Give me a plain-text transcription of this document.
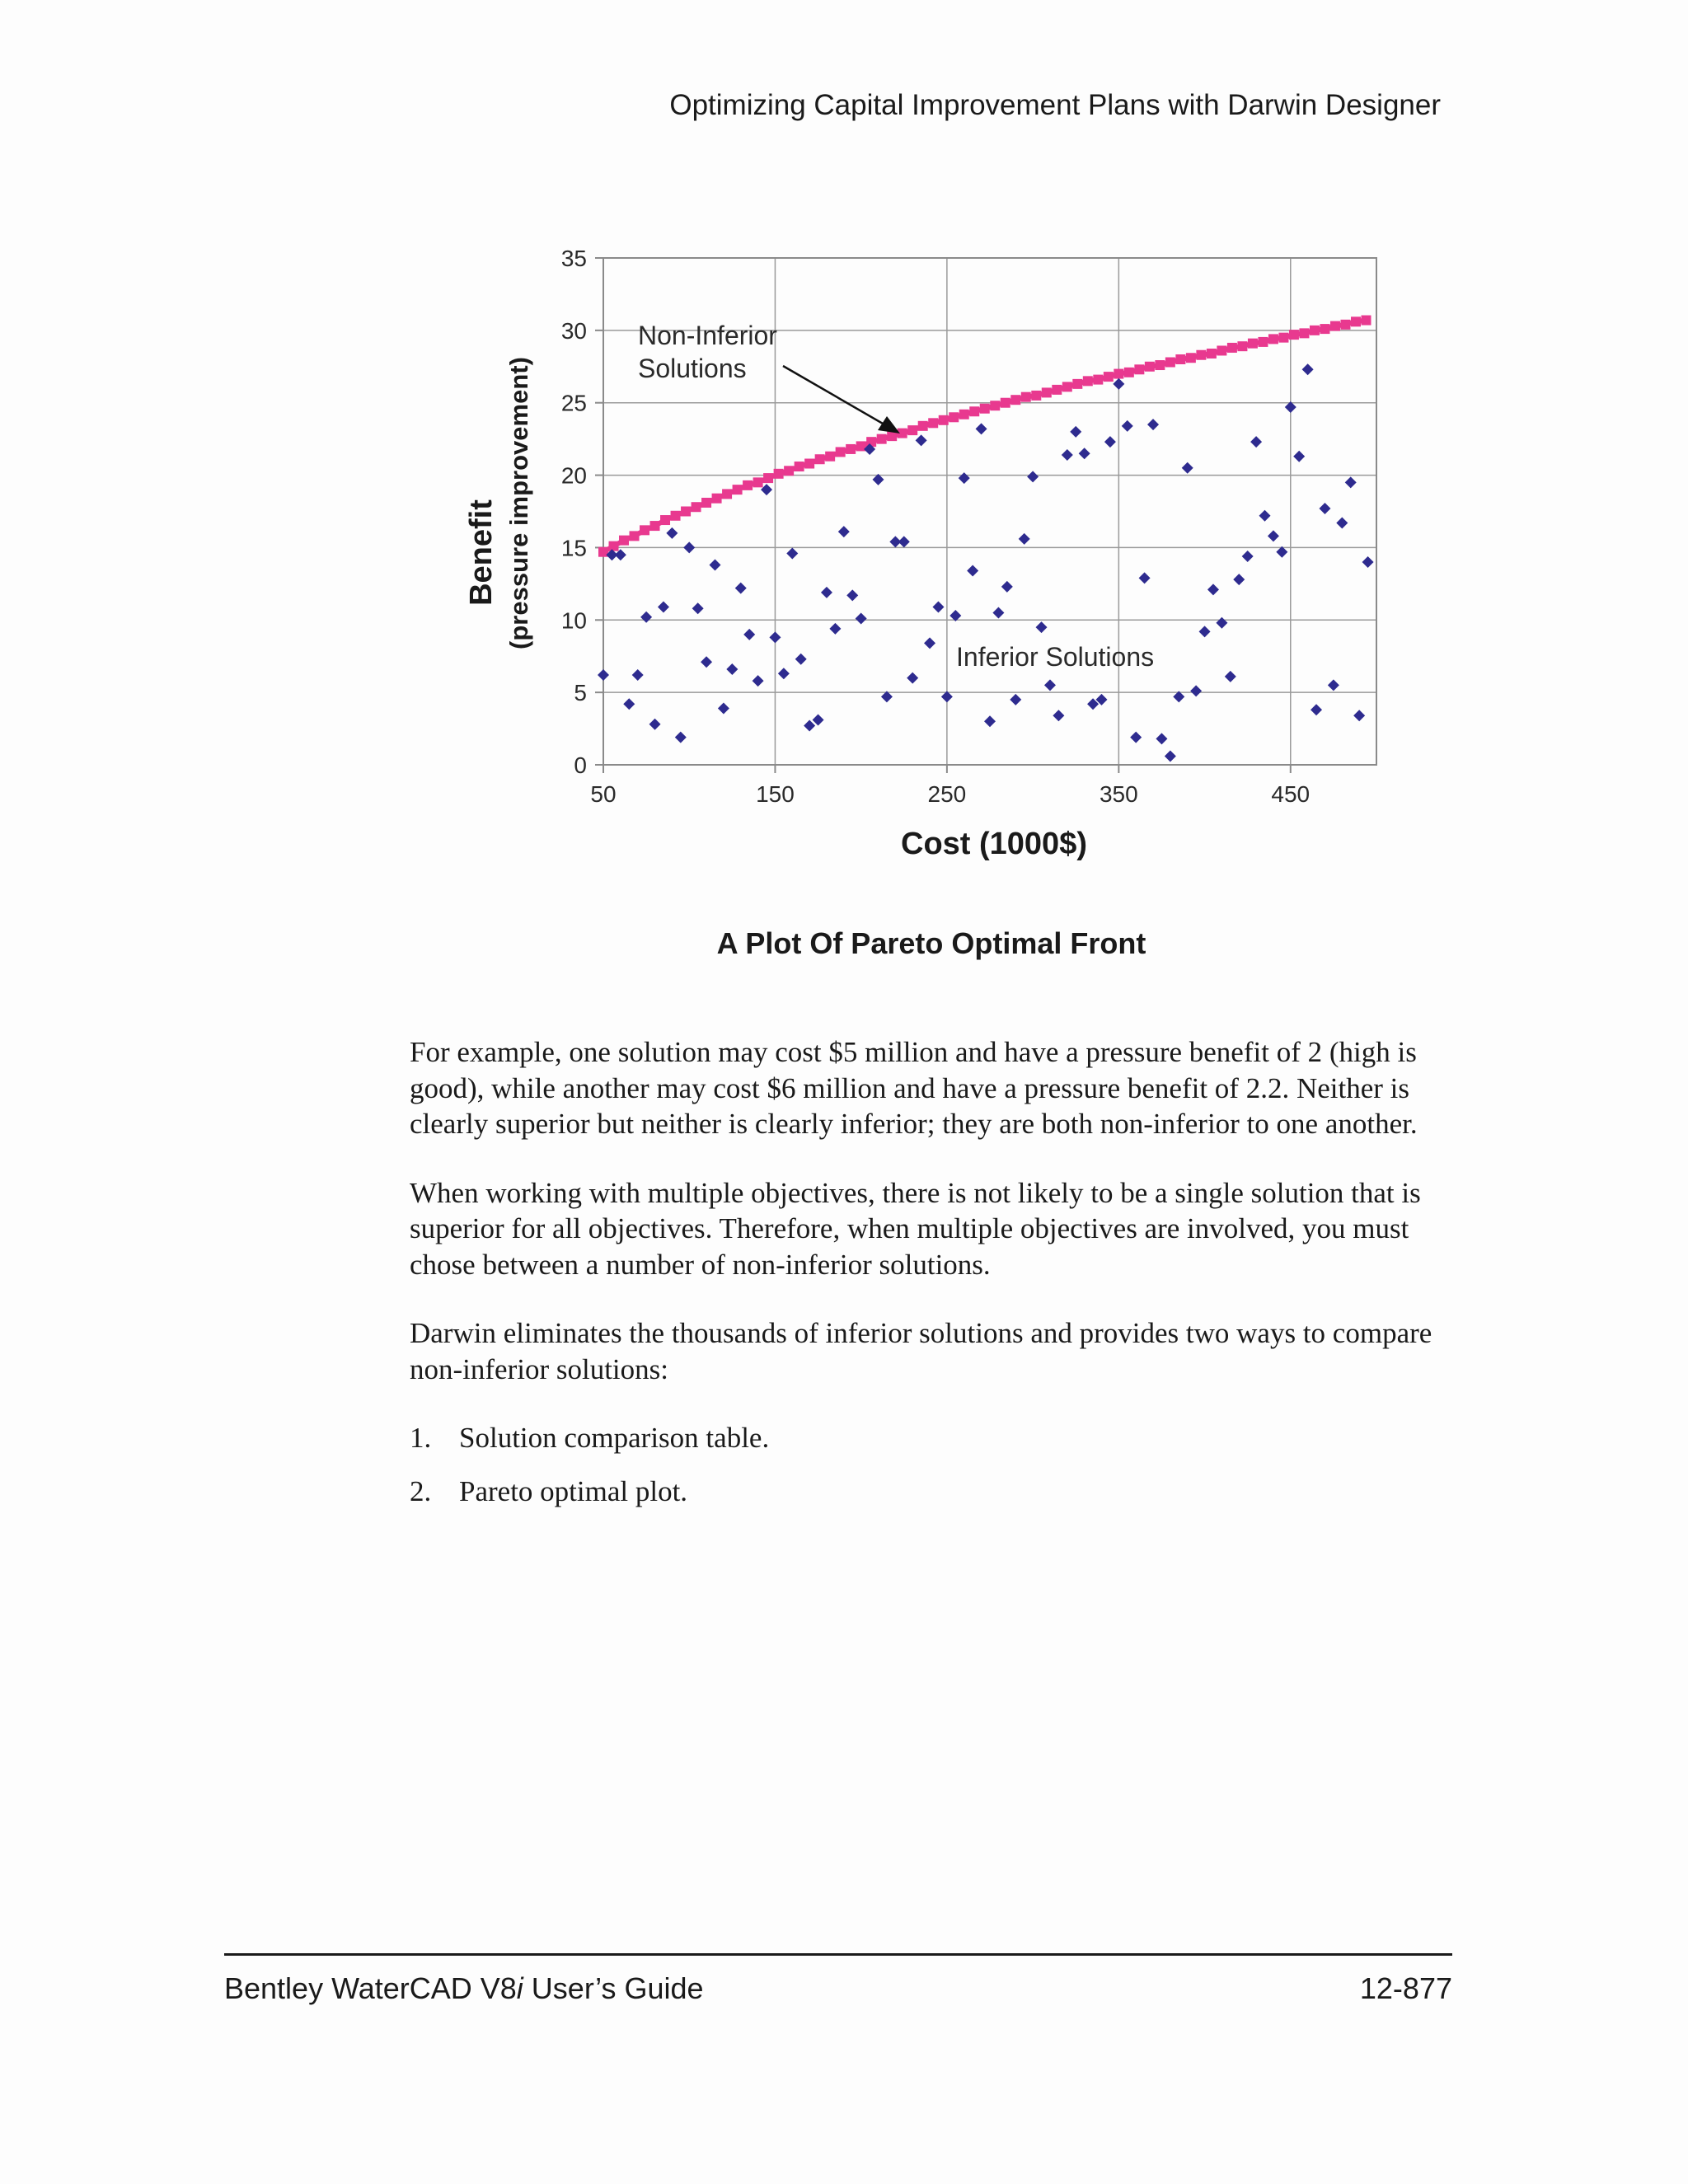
Optimizing Capital Improvement Plans with Darwin Designer
0
5
10
15
20
25
30
35
50	150	250	350	450
Benefit (pressure improvement)
Cost (1000$)
Non-Inferior
Solutions
Inferior Solutions
A Plot Of Pareto Optimal Front

For example, one solution may cost $5 million and have a pressure benefit of 2 (high is good), while another may cost $6 million and have a pressure benefit of 2.2. Neither is clearly superior but neither is clearly inferior; they are both non-inferior to one another.

When working with multiple objectives, there is not likely to be a single solution that is superior for all objectives. Therefore, when multiple objectives are involved, you must chose between a number of non-inferior solutions.

Darwin eliminates the thousands of inferior solutions and provides two ways to compare non-inferior solutions:

1. Solution comparison table.
2. Pareto optimal plot.
Bentley WaterCAD V8i User’s Guide	12-877
